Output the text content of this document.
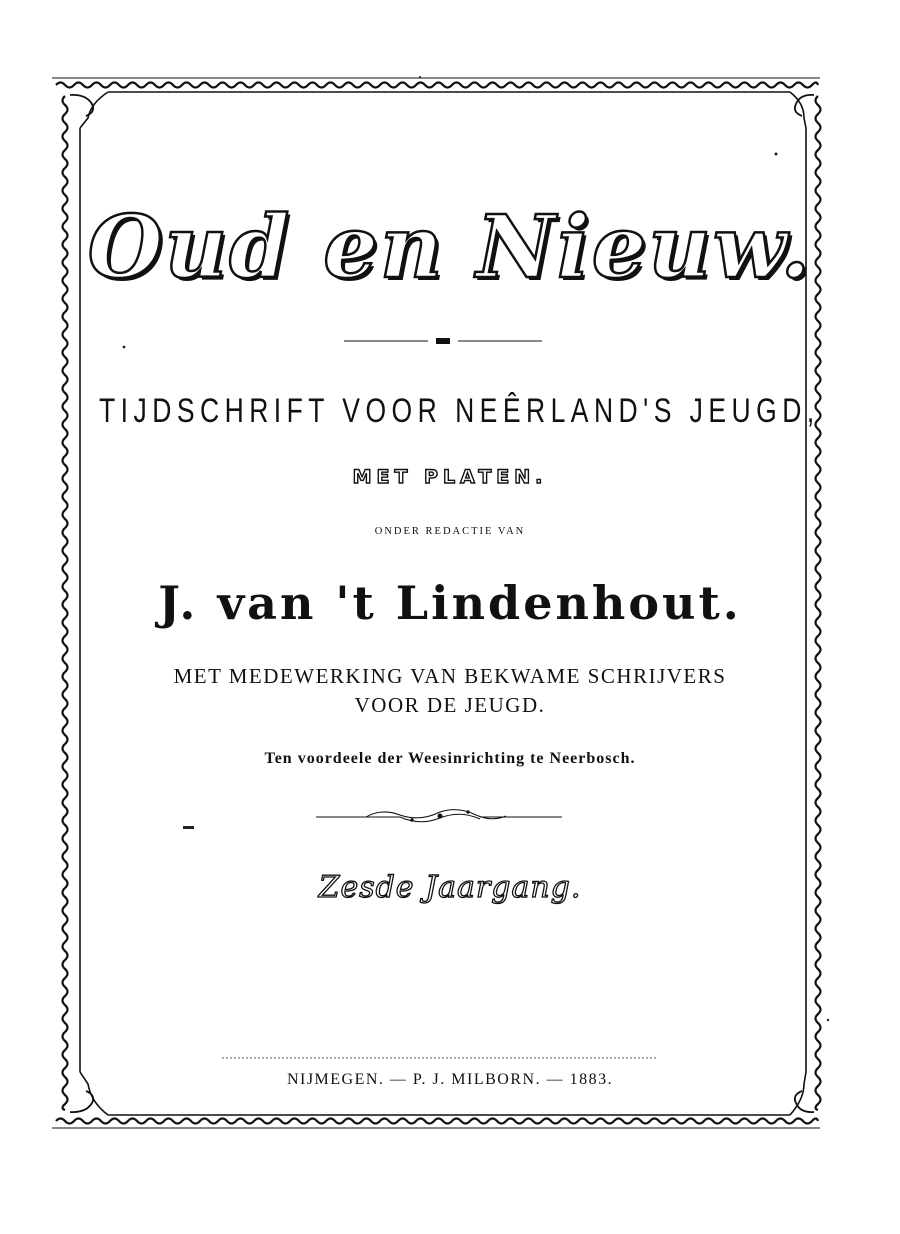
Oud en Nieuw.
TIJDSCHRIFT VOOR NEÊRLAND'S JEUGD,
MET PLATEN.
ONDER REDACTIE VAN
J. van 't Lindenhout.
MET MEDEWERKING VAN BEKWAME SCHRIJVERS
VOOR DE JEUGD.
Ten voordeele der Weesinrichting te Neerbosch.
Zesde Jaargang.
NIJMEGEN. — P. J. MILBORN. — 1883.
